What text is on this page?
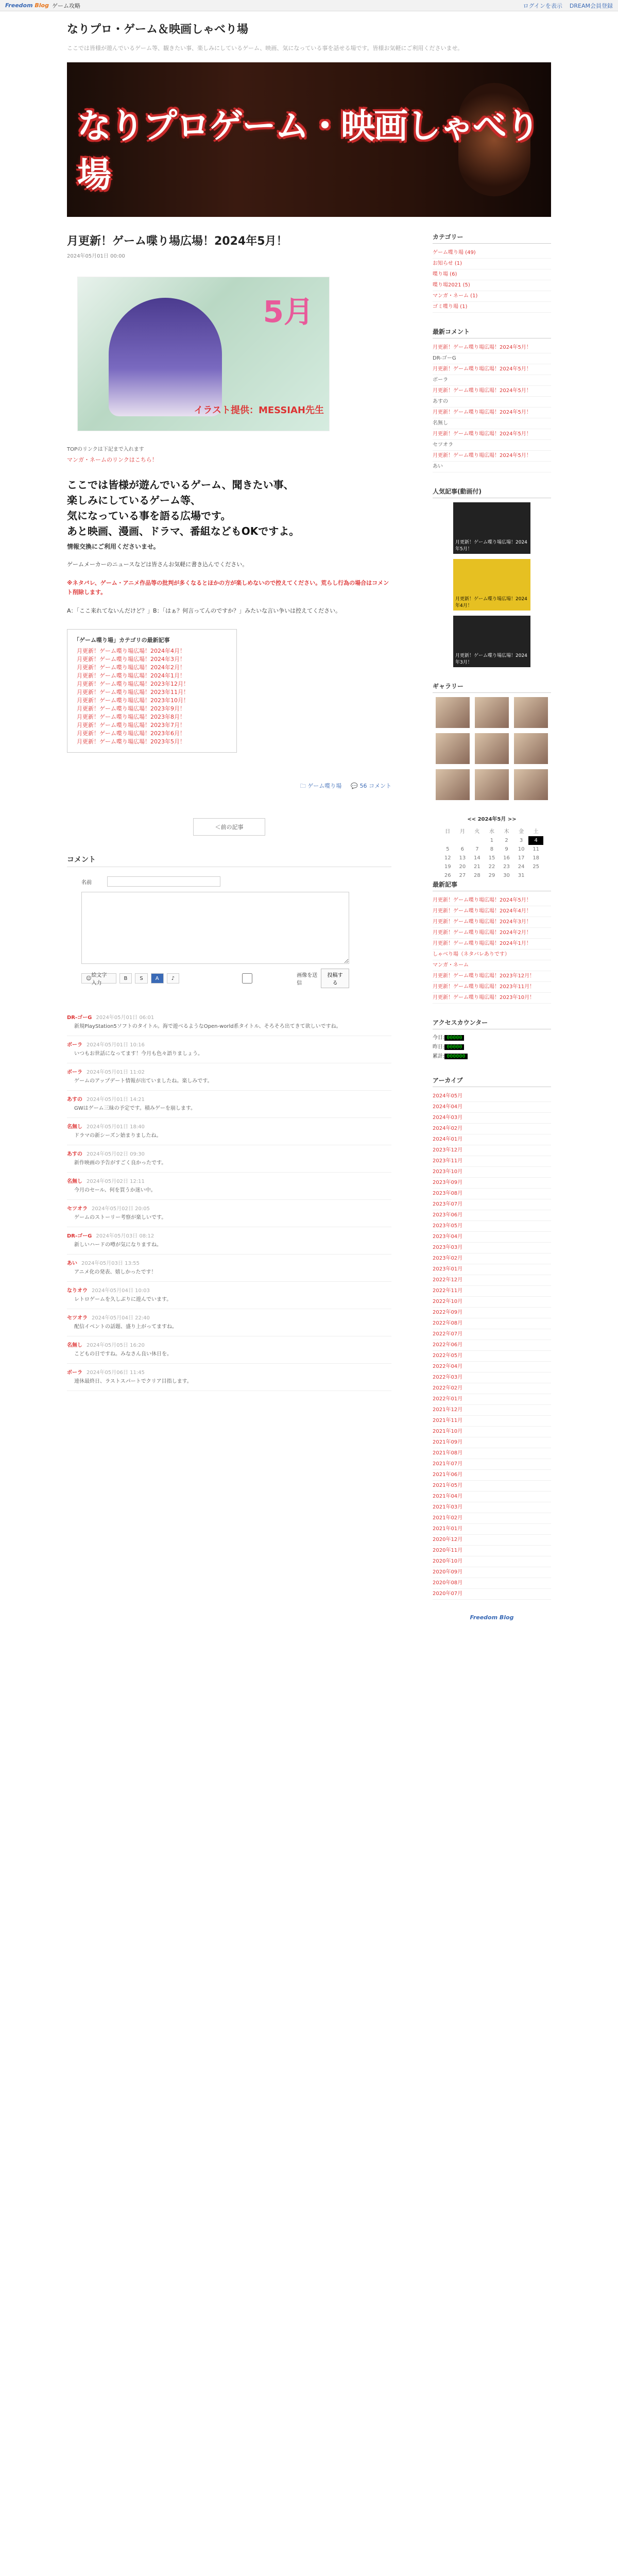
Freedom Blog ゲーム攻略	ログインを表示 DREAM会員登録
なりプロ・ゲーム＆映画しゃべり場
ここでは皆様が遊んでいるゲーム等、観きたい事、楽しみにしているゲーム、映画、気になっている事を話せる場です。皆様お気軽にご利用くださいませ。
なりプロゲーム・映画しゃべり場
月更新！ゲーム喋り場広場！2024年5月！
2024年05月01日 00:00
5月
イラスト提供：MESSIAH先生
TOPのリンクは下記まで入れます
マンガ・ネームのリンクはこちら！
ここでは皆様が遊んでいるゲーム、聞きたい事、
楽しみにしているゲーム等、
気になっている事を語る広場です。
あと映画、漫画、ドラマ、番組などもOKですよ。
情報交換にご利用くださいませ。
ゲームメーカーのニュースなどは皆さんお気軽に書き込んでください。
※ネタバレ、ゲーム・アニメ作品等の批判が多くなるとほかの方が楽しめないので控えてください。荒らし行為の場合はコメント削除します。
A：「ここ来れてないんだけど？」B：「はぁ？何言ってんのですか？」みたいな言い争いは控えてください。
「ゲーム喋り場」カテゴリの最新記事
月更新！ゲーム喋り場広場！2024年4月！
月更新！ゲーム喋り場広場！2024年3月！
月更新！ゲーム喋り場広場！2024年2月！
月更新！ゲーム喋り場広場！2024年1月！
月更新！ゲーム喋り場広場！2023年12月！
月更新！ゲーム喋り場広場！2023年11月！
月更新！ゲーム喋り場広場！2023年10月！
月更新！ゲーム喋り場広場！2023年9月！
月更新！ゲーム喋り場広場！2023年8月！
月更新！ゲーム喋り場広場！2023年7月！
月更新！ゲーム喋り場広場！2023年6月！
月更新！ゲーム喋り場広場！2023年5月！
🗀 ゲーム喋り場 💬 56 コメント
＜前の記事
コメント
名前
☺ 絵文字入力
B	S	A	♪	画像を送信
投稿する
DR-ゴーG 2024年05月01日 06:01
新規PlayStation5ソフトのタイトル。海で遊べるようなOpen-world系タイトル、そろそろ出てきて欲しいですね。
ボーラ 2024年05月01日 10:16
いつもお世話になってます！今月も色々語りましょう。
ボーラ 2024年05月01日 11:02
ゲームのアップデート情報が出ていましたね。楽しみです。
あすの 2024年05月01日 14:21
GWはゲーム三昧の予定です。積みゲーを崩します。
名無し 2024年05月01日 18:40
ドラマの新シーズン始まりましたね。
あすの 2024年05月02日 09:30
新作映画の予告がすごく良かったです。
名無し 2024年05月02日 12:11
今月のセール、何を買うか迷い中。
セツオラ 2024年05月02日 20:05
ゲームのストーリー考察が楽しいです。
DR-ゴーG 2024年05月03日 08:12
新しいハードの噂が気になりますね。
あい 2024年05月03日 13:55
アニメ化の発表、嬉しかったです！
なりオウ 2024年05月04日 10:03
レトロゲームを久しぶりに遊んでいます。
セツオラ 2024年05月04日 22:40
配信イベントの話題、盛り上がってますね。
名無し 2024年05月05日 16:20
こどもの日ですね。みなさん良い休日を。
ボーラ 2024年05月06日 11:45
連休最終日、ラストスパートでクリア目指します。
カテゴリー
ゲーム喋り場 (49)
お知らせ (1)
喋り場 (6)
喋り場2021 (5)
マンガ・ネーム (1)
ゴミ喋り場 (1)
最新コメント
月更新！ゲーム喋り場広場！2024年5月！
DR-ゴーG
月更新！ゲーム喋り場広場！2024年5月！
ボーラ
月更新！ゲーム喋り場広場！2024年5月！
あすの
月更新！ゲーム喋り場広場！2024年5月！
名無し
月更新！ゲーム喋り場広場！2024年5月！
セツオラ
月更新！ゲーム喋り場広場！2024年5月！
あい
人気記事(動画付)
月更新！ゲーム喋り場広場！2024年5月！
月更新！ゲーム喋り場広場！2024年4月！
月更新！ゲーム喋り場広場！2024年3月！
ギャラリー
<< 2024年5月 >>
日	月	火	水	木	金	土
			1	2	3	4
5	6	7	8	9	10	11
12	13	14	15	16	17	18
19	20	21	22	23	24	25
26	27	28	29	30	31	
最新記事
月更新！ゲーム喋り場広場！2024年5月！
月更新！ゲーム喋り場広場！2024年4月！
月更新！ゲーム喋り場広場！2024年3月！
月更新！ゲーム喋り場広場！2024年2月！
月更新！ゲーム喋り場広場！2024年1月！
しゃべり場（ネタバレありです）
マンガ・ネーム
月更新！ゲーム喋り場広場！2023年12月！
月更新！ゲーム喋り場広場！2023年11月！
月更新！ゲーム喋り場広場！2023年10月！
アクセスカウンター
今日: 00000
昨日: 00000
累計: 000000
アーカイブ
2024年05月
2024年04月
2024年03月
2024年02月
2024年01月
2023年12月
2023年11月
2023年10月
2023年09月
2023年08月
2023年07月
2023年06月
2023年05月
2023年04月
2023年03月
2023年02月
2023年01月
2022年12月
2022年11月
2022年10月
2022年09月
2022年08月
2022年07月
2022年06月
2022年05月
2022年04月
2022年03月
2022年02月
2022年01月
2021年12月
2021年11月
2021年10月
2021年09月
2021年08月
2021年07月
2021年06月
2021年05月
2021年04月
2021年03月
2021年02月
2021年01月
2020年12月
2020年11月
2020年10月
2020年09月
2020年08月
2020年07月
Freedom Blog
